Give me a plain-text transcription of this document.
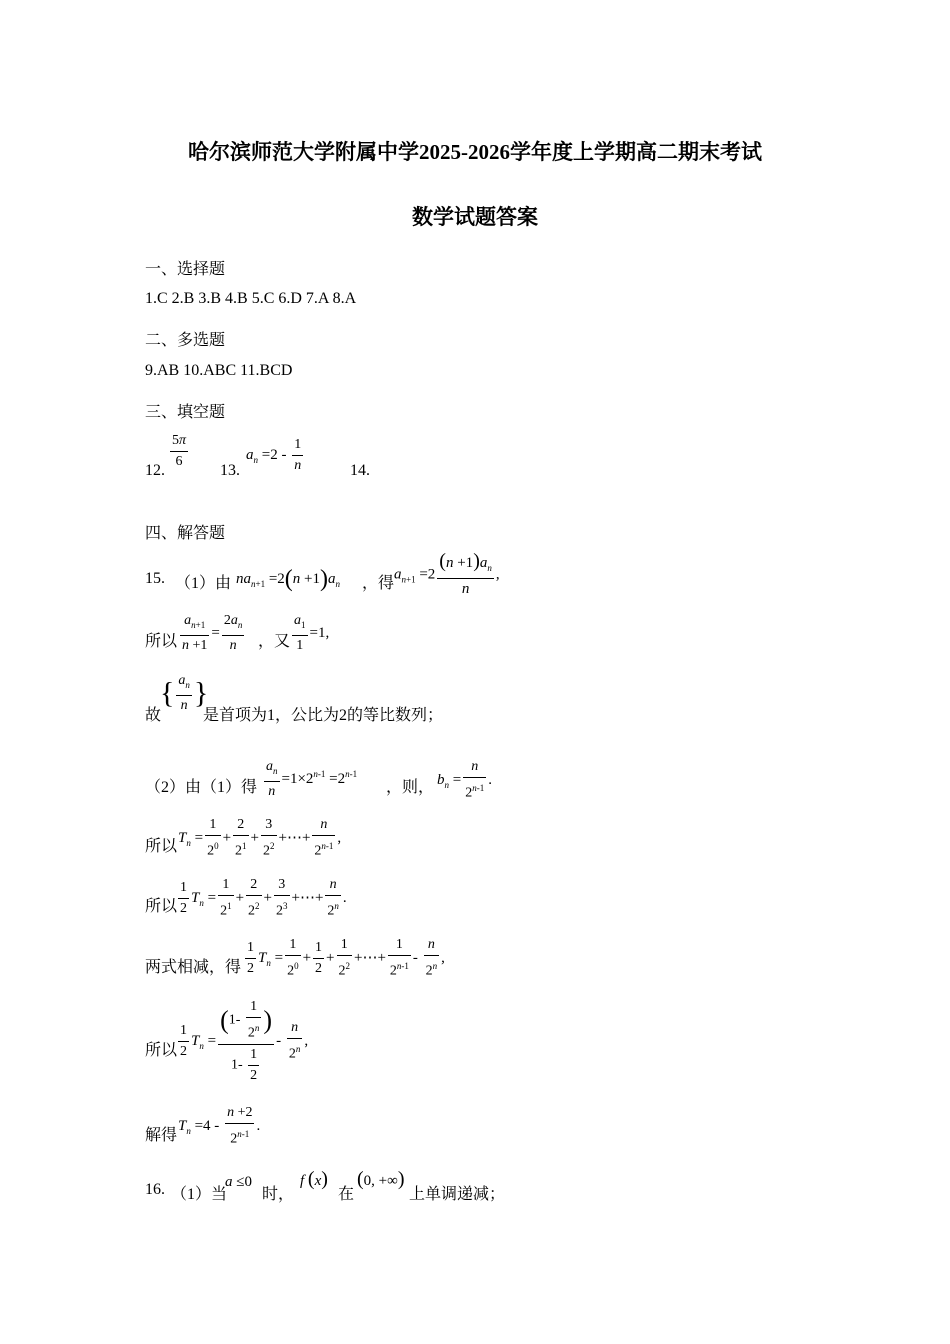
哈尔滨师范大学附属中学2025-2026学年度上学期高二期末考试
数学试题答案
一、选择题
1.C 2.B 3.B 4.B 5.C 6.D 7.A 8.A
二、多选题
9.AB 10.ABC 11.BCD
三、填空题
12. $\frac{5\pi}{6} 13$.
$a_n =2 - \frac{1}{n}$	14.
四、解答题
15. （1）由 $na_{n+1} =2(n +1)a_n$ ，得
$a_{n+1} =2 \frac{(n +1)a_n}{n}$ ,
所以 $\frac{a_{n+1}}{n +1} = \frac{2a_n}{n}$ ，又 $\frac{a_1}{1} =1$,
故
{ $\frac{a_n}{n}$ }
是首项为1，公比为2的等比数列；
（2）由（1）得 $\frac{a_n}{n} =1\times 2^{n-1} =2^{n-1}$
，则， $b_n = \frac{n}{2^{n-1}}$ .
所以
$T_n = \frac{1}{2^0} + \frac{2}{2^1} + \frac{3}{2^2}$ +⋯+ $\frac{n}{2^{n-1}}$ ,
所以 $\frac{1}{2} T_n = \frac{1}{2^1} + \frac{2}{2^2} + \frac{3}{2^3}$ +⋯+ $\frac{n}{2^n}$ .
两式相减，得 $\frac{1}{2} T_n = \frac{1}{2^0} + \frac{1}{2} + \frac{1}{2^2}$ +⋯+ $\frac{1}{2^{n-1}} - \frac{n}{2^n}$ ,
所以 $\frac{1}{2} T_n = \frac{(1- \frac{1}{2^n} )}{1- \frac{1}{2}} - \frac{n}{2^n}$ ,
解得
$T_n =4 - \frac{n +2}{2^{n-1}}$ .
16. （1）当
a ≤0
时，
f (x)
在
(0, +∞)
上单调递减；
